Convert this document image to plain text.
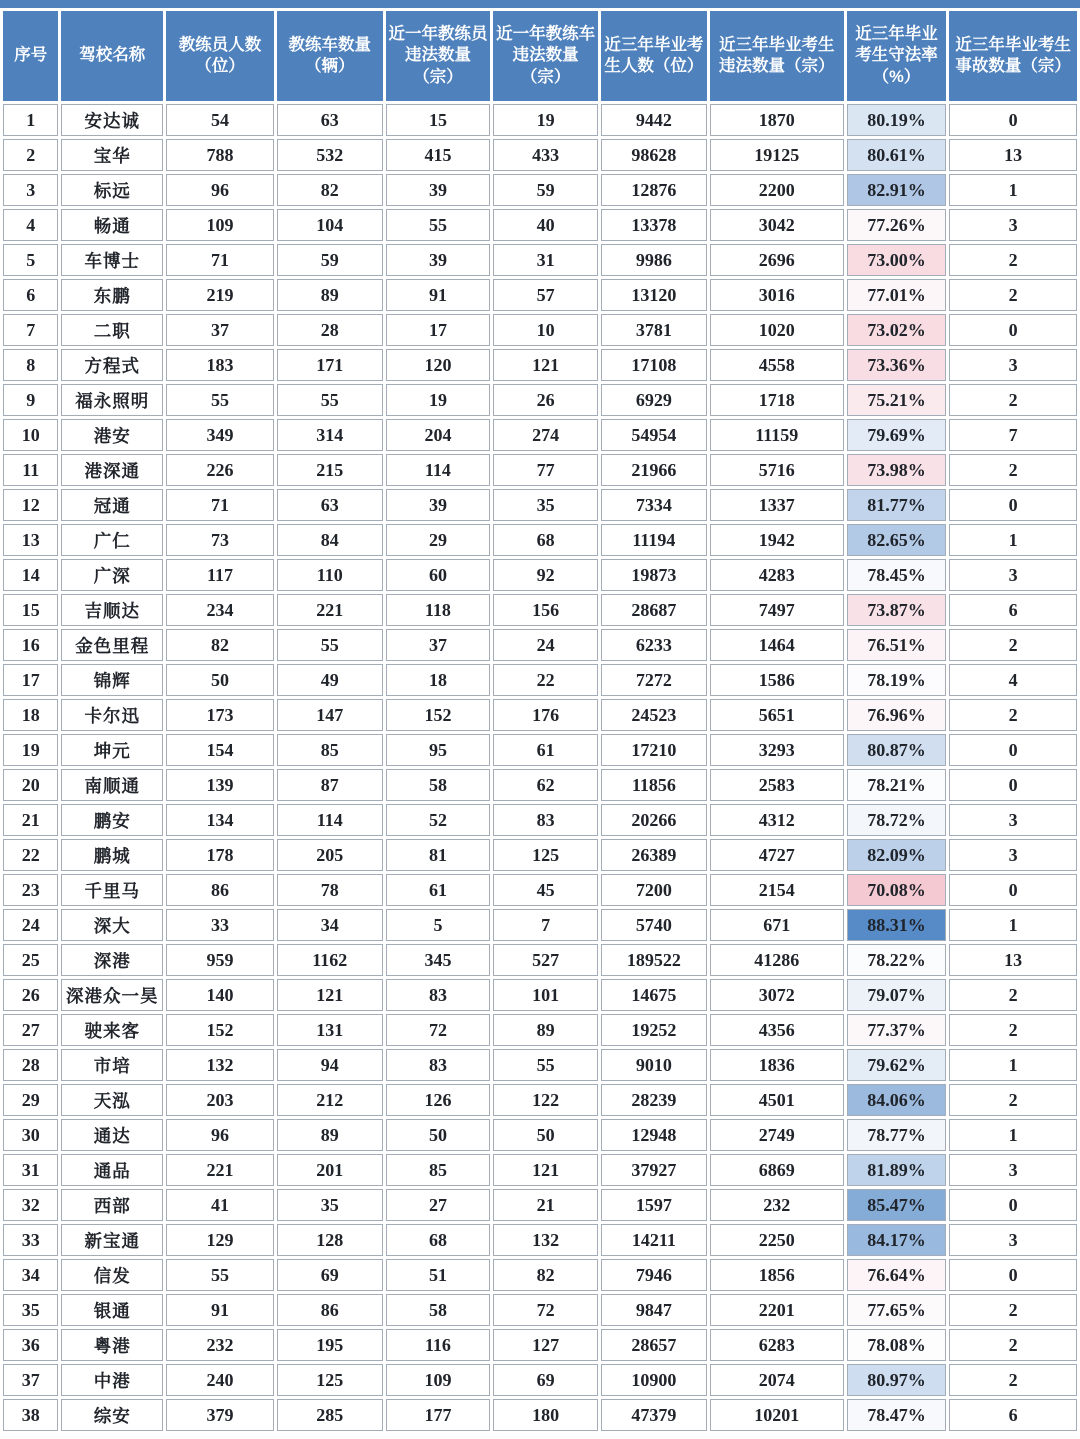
序号	驾校名称	教练员人数（位）	教练车数量（辆）	近一年教练员违法数量（宗）	近一年教练车违法数量（宗）	近三年毕业考生人数（位）	近三年毕业考生违法数量（宗）	近三年毕业考生守法率（%）	近三年毕业考生事故数量（宗）
1	安达诚	54	63	15	19	9442	1870	80.19%	0
2	宝华	788	532	415	433	98628	19125	80.61%	13
3	标远	96	82	39	59	12876	2200	82.91%	1
4	畅通	109	104	55	40	13378	3042	77.26%	3
5	车博士	71	59	39	31	9986	2696	73.00%	2
6	东鹏	219	89	91	57	13120	3016	77.01%	2
7	二职	37	28	17	10	3781	1020	73.02%	0
8	方程式	183	171	120	121	17108	4558	73.36%	3
9	福永照明	55	55	19	26	6929	1718	75.21%	2
10	港安	349	314	204	274	54954	11159	79.69%	7
11	港深通	226	215	114	77	21966	5716	73.98%	2
12	冠通	71	63	39	35	7334	1337	81.77%	0
13	广仁	73	84	29	68	11194	1942	82.65%	1
14	广深	117	110	60	92	19873	4283	78.45%	3
15	吉顺达	234	221	118	156	28687	7497	73.87%	6
16	金色里程	82	55	37	24	6233	1464	76.51%	2
17	锦辉	50	49	18	22	7272	1586	78.19%	4
18	卡尔迅	173	147	152	176	24523	5651	76.96%	2
19	坤元	154	85	95	61	17210	3293	80.87%	0
20	南顺通	139	87	58	62	11856	2583	78.21%	0
21	鹏安	134	114	52	83	20266	4312	78.72%	3
22	鹏城	178	205	81	125	26389	4727	82.09%	3
23	千里马	86	78	61	45	7200	2154	70.08%	0
24	深大	33	34	5	7	5740	671	88.31%	1
25	深港	959	1162	345	527	189522	41286	78.22%	13
26	深港众一昊	140	121	83	101	14675	3072	79.07%	2
27	驶来客	152	131	72	89	19252	4356	77.37%	2
28	市培	132	94	83	55	9010	1836	79.62%	1
29	天泓	203	212	126	122	28239	4501	84.06%	2
30	通达	96	89	50	50	12948	2749	78.77%	1
31	通品	221	201	85	121	37927	6869	81.89%	3
32	西部	41	35	27	21	1597	232	85.47%	0
33	新宝通	129	128	68	132	14211	2250	84.17%	3
34	信发	55	69	51	82	7946	1856	76.64%	0
35	银通	91	86	58	72	9847	2201	77.65%	2
36	粤港	232	195	116	127	28657	6283	78.08%	2
37	中港	240	125	109	69	10900	2074	80.97%	2
38	综安	379	285	177	180	47379	10201	78.47%	6
